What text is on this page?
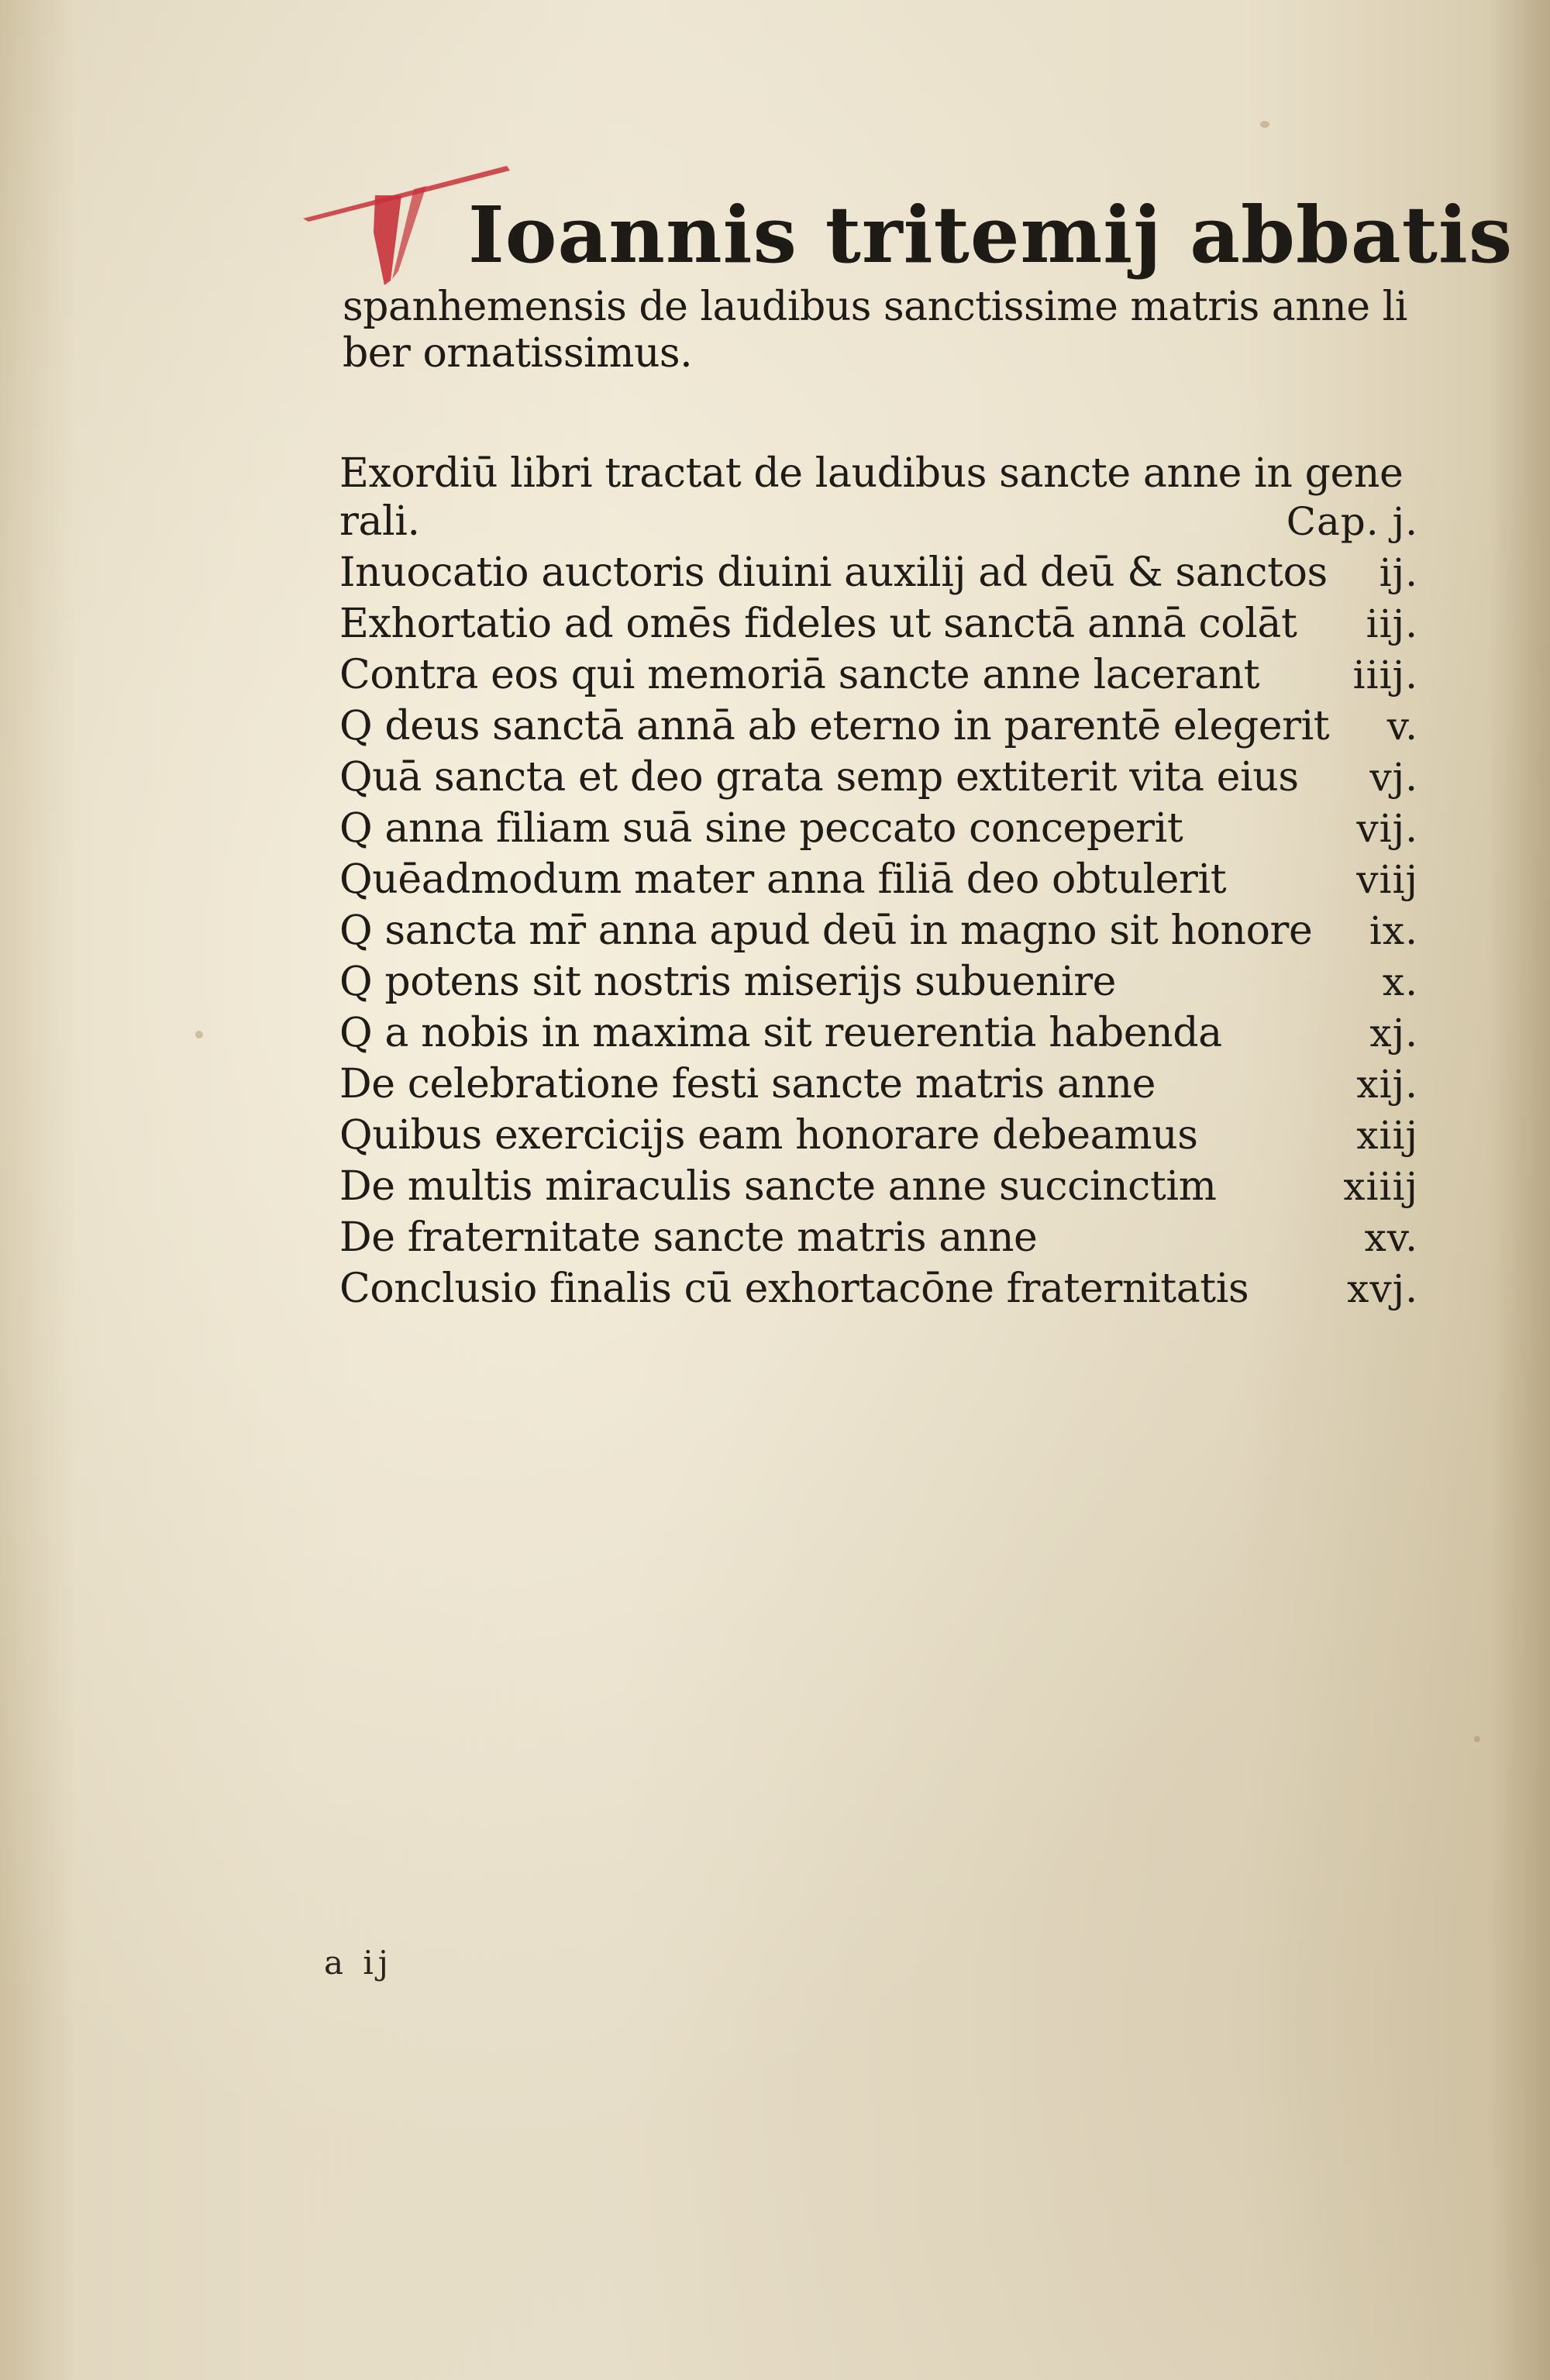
Ioannis tritemij abbatis
spanhemensis de laudibus sanctissime matris anne li
ber ornatissimus.
Exordiū libri tractat de laudibus sancte anne in gene
rali.	Cap. j.
Inuocatio auctoris diuini auxilij ad deū & sanctos ij.
Exhortatio ad omēs fideles ut sanctā annā colāt iij.
Contra eos qui memoriā sancte anne lacerant iiij.
Q deus sanctā annā ab eterno in parentē elegerit v.
Quā sancta et deo grata semp extiterit vita eius vj.
Q anna filiam suā sine peccato conceperit	vij.
Quēadmodum mater anna filiā deo obtulerit	viij
Q sancta mr̄ anna apud deū in magno sit honore ix.
Q potens sit nostris miserijs subuenire	x.
Q a nobis in maxima sit reuerentia habenda	xj.
De celebratione festi sancte matris anne	xij.
Quibus exercicijs eam honorare debeamus	xiij
De multis miraculis sancte anne succinctim	xiiij
De fraternitate sancte matris anne	xv.
Conclusio finalis cū exhortacōne fraternitatis	xvj.
a ij
